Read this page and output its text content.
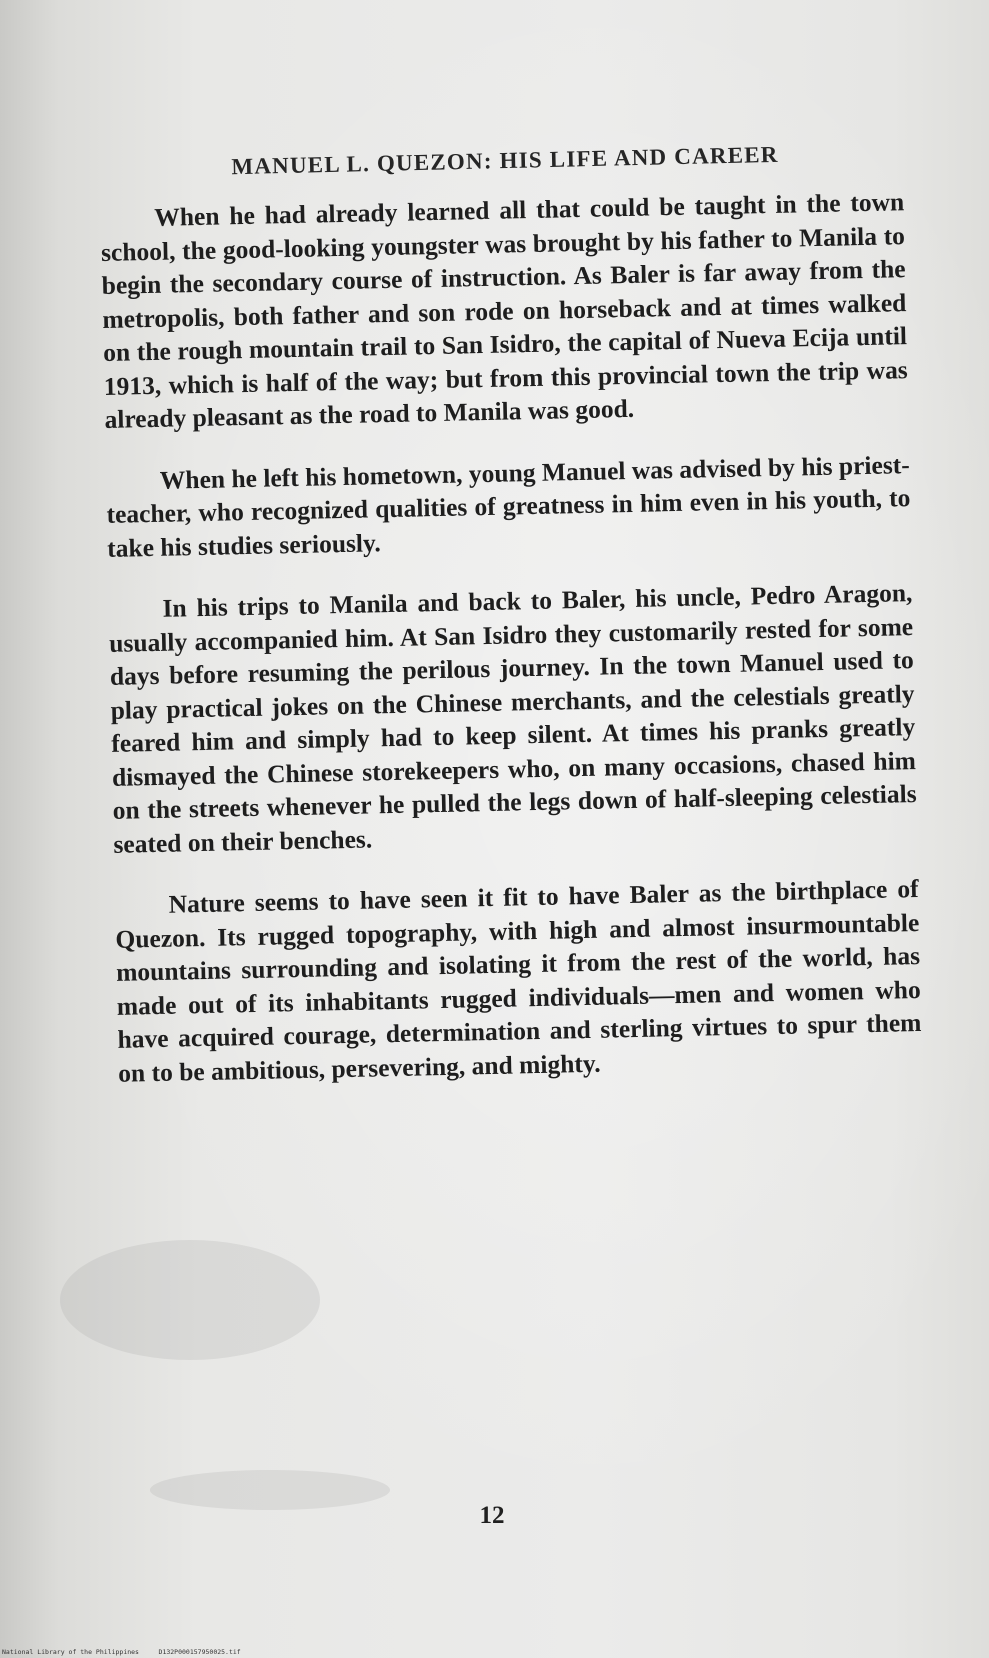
MANUEL L. QUEZON: HIS LIFE AND CAREER

When he had already learned all that could be taught in the town school, the good-looking youngster was brought by his father to Manila to begin the secondary course of instruction. As Baler is far away from the metropolis, both father and son rode on horseback and at times walked on the rough mountain trail to San Isidro, the capital of Nueva Ecija until 1913, which is half of the way; but from this provincial town the trip was already pleasant as the road to Manila was good.

When he left his hometown, young Manuel was advised by his priest-teacher, who recognized qualities of greatness in him even in his youth, to take his studies seriously.

In his trips to Manila and back to Baler, his uncle, Pedro Aragon, usually accompanied him. At San Isidro they customarily rested for some days before resuming the perilous journey. In the town Manuel used to play practical jokes on the Chinese merchants, and the celestials greatly feared him and simply had to keep silent. At times his pranks greatly dismayed the Chinese storekeepers who, on many occasions, chased him on the streets whenever he pulled the legs down of half-sleeping celestials seated on their benches.

Nature seems to have seen it fit to have Baler as the birthplace of Quezon. Its rugged topography, with high and almost insurmountable mountains surrounding and isolating it from the rest of the world, has made out of its inhabitants rugged individuals—men and women who have acquired courage, determination and sterling virtues to spur them on to be ambitious, persevering, and mighty.

12
National Library of the Philippines     D132P000157950025.tif
